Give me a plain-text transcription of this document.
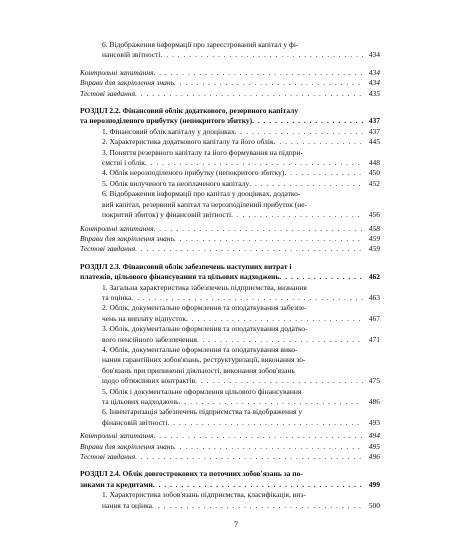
6. Відображення інформації про зареєстрований капітал у фі-
нансовій звітності . . .	434
Контрольні запитання . . .	434
Вправи для закріплення знань . . .	434
Тестові завдання . . .	435
РОЗДІЛ 2.2. Фінансовий облік додаткового, резервного капіталу
та нерозподіленого прибутку (непокритого збитку) . . .	437
1. Фінансовий облік капіталу у дооцінках . . .	437
2. Характеристика додаткового капіталу та його облік . . .	445
3. Поняття резервного капіталу та його формування на підпри-
ємстві і облік . . .	448
4. Облік нерозподіленого прибутку (непокритого збитку) . . .	450
5. Облік вилученого та неоплаченого капіталу . . .	452
6. Відображення інформації про капітал у дооцінках, додатко-
вий капітал, резервний капітал та нерозподілений прибуток (не-
покритий збиток) у фінансовій звітності . . .	456
Контрольні запитання . . .	458
Вправи для закріплення знань . . .	459
Тестові завдання . . .	459
РОЗДІЛ 2.3. Фінансовий облік забезпечень наступних витрат і
платежів, цільового фінансування та цільових надходжень . . .	462
1. Загальна характеристика забезпечень підприємства, визнання
та оцінка . . .	463
2. Облік, документальне оформлення та оподаткування забезпе-
чень на виплату відпусток . . .	467
3. Облік, документальне оформлення та оподаткування додатко-
вого пенсійного забезпечення . . .	471
4. Облік, документальне оформлення та оподаткування вико-
нання гарантійних зобов'язань, реструктуризації, виконання зо-
бов'язань при припиненні діяльності, виконання зобов'язань
щодо обтяжливих контрактів . . .	475
5. Облік і документальне оформлення цільового фінансування
та цільових надходжень . . .	486
6. Інвентаризація забезпечень підприємства та відображення у
фінансовій звітності . . .	493
Контрольні запитання . . .	494
Вправи для закріплення знань . . .	495
Тестові завдання . . .	496
РОЗДІЛ 2.4. Облік довгострокових та поточних зобов'язань за по-
зиками та кредитами . . .	499
1. Характеристика зобов'язань підприємства, класифікація, виз-
нання та оцінка . . .	500
7
